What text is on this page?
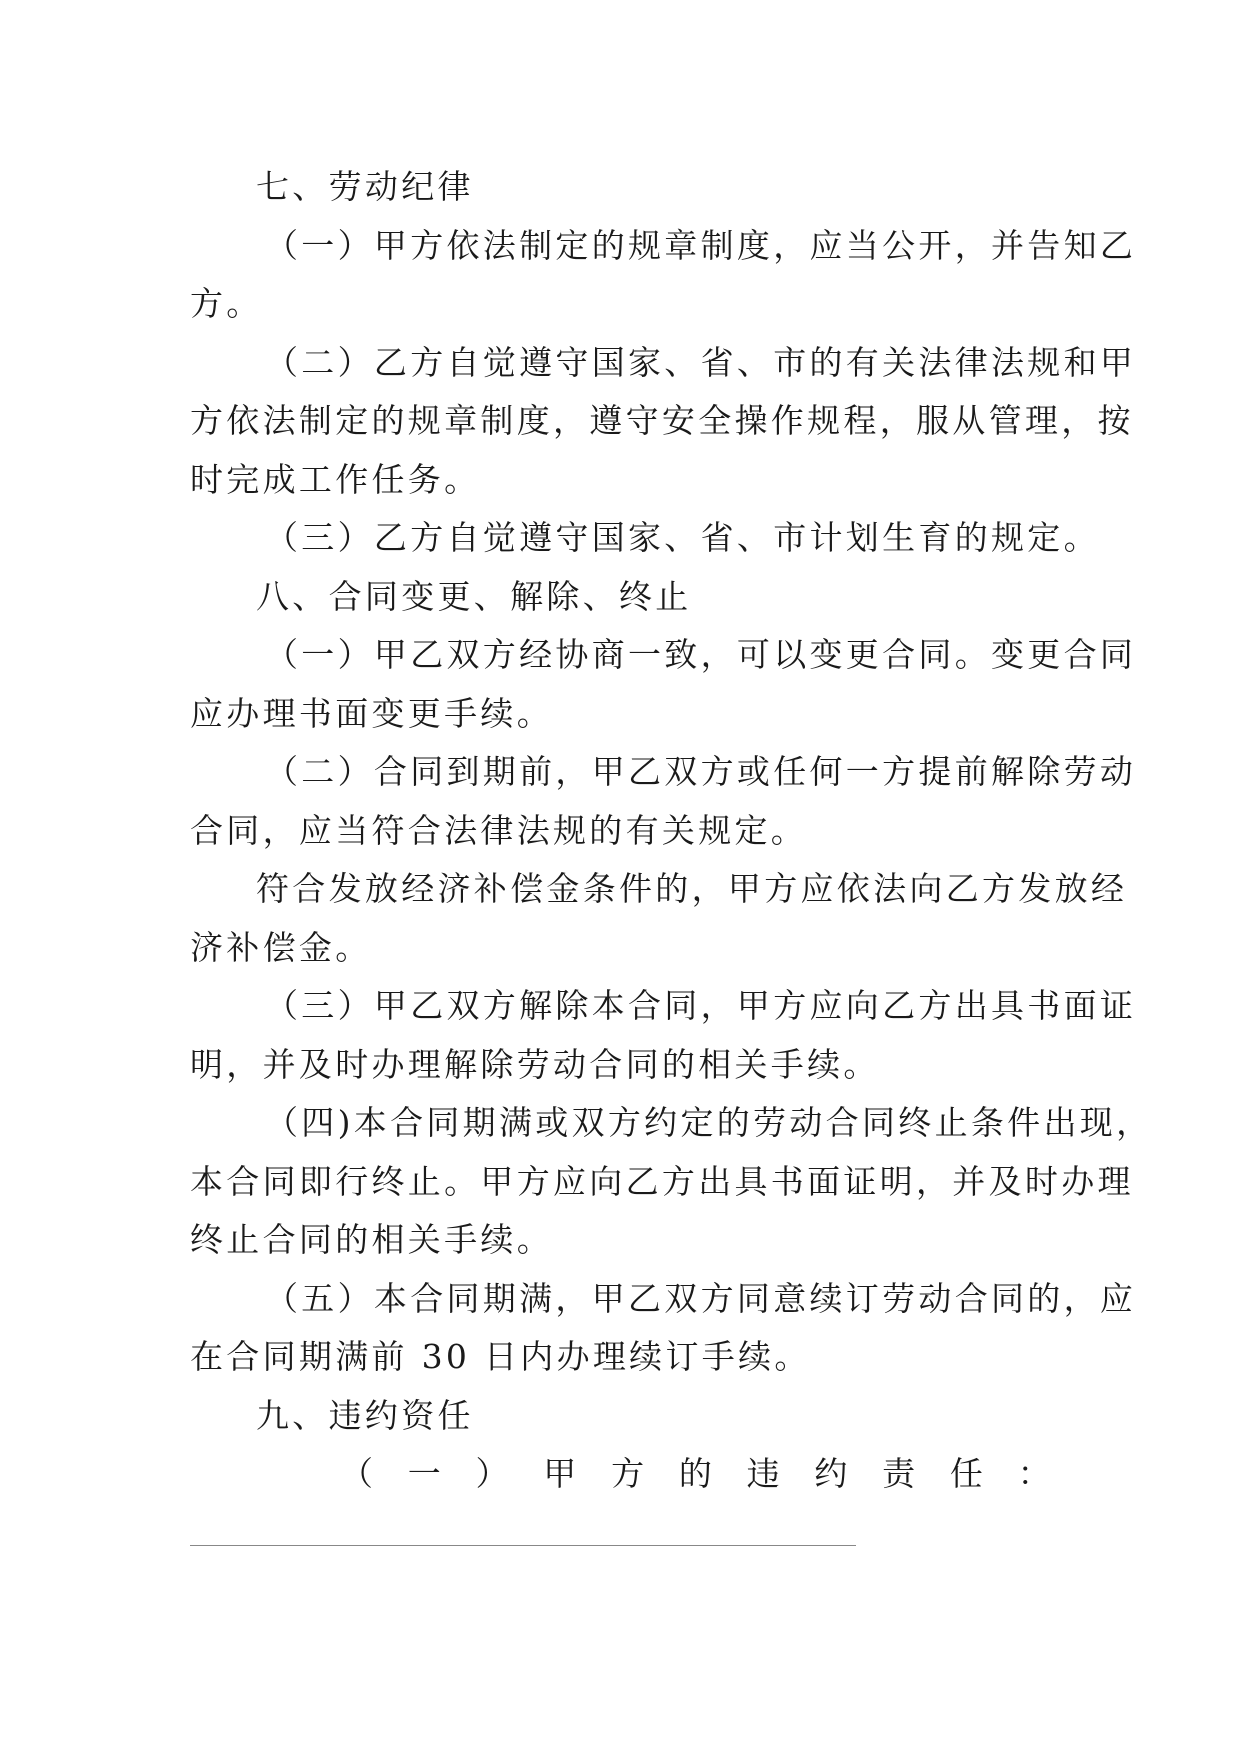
七、劳动纪律
（一）甲方依法制定的规章制度，应当公开，并告知乙
方。
（二）乙方自觉遵守国家、省、市的有关法律法规和甲
方依法制定的规章制度，遵守安全操作规程，服从管理，按
时完成工作任务。
（三）乙方自觉遵守国家、省、市计划生育的规定。
八、合同变更、解除、终止
（一）甲乙双方经协商一致，可以变更合同。变更合同
应办理书面变更手续。
（二）合同到期前，甲乙双方或任何一方提前解除劳动
合同，应当符合法律法规的有关规定。
符合发放经济补偿金条件的，甲方应依法向乙方发放经
济补偿金。
（三）甲乙双方解除本合同，甲方应向乙方出具书面证
明，并及时办理解除劳动合同的相关手续。
（四)本合同期满或双方约定的劳动合同终止条件出现，
本合同即行终止。甲方应向乙方出具书面证明，并及时办理
终止合同的相关手续。
（五）本合同期满，甲乙双方同意续订劳动合同的，应
在合同期满前 30 日内办理续订手续。
九、违约资任
（ 一 ） 甲 方 的 违 约 责 任 ：
